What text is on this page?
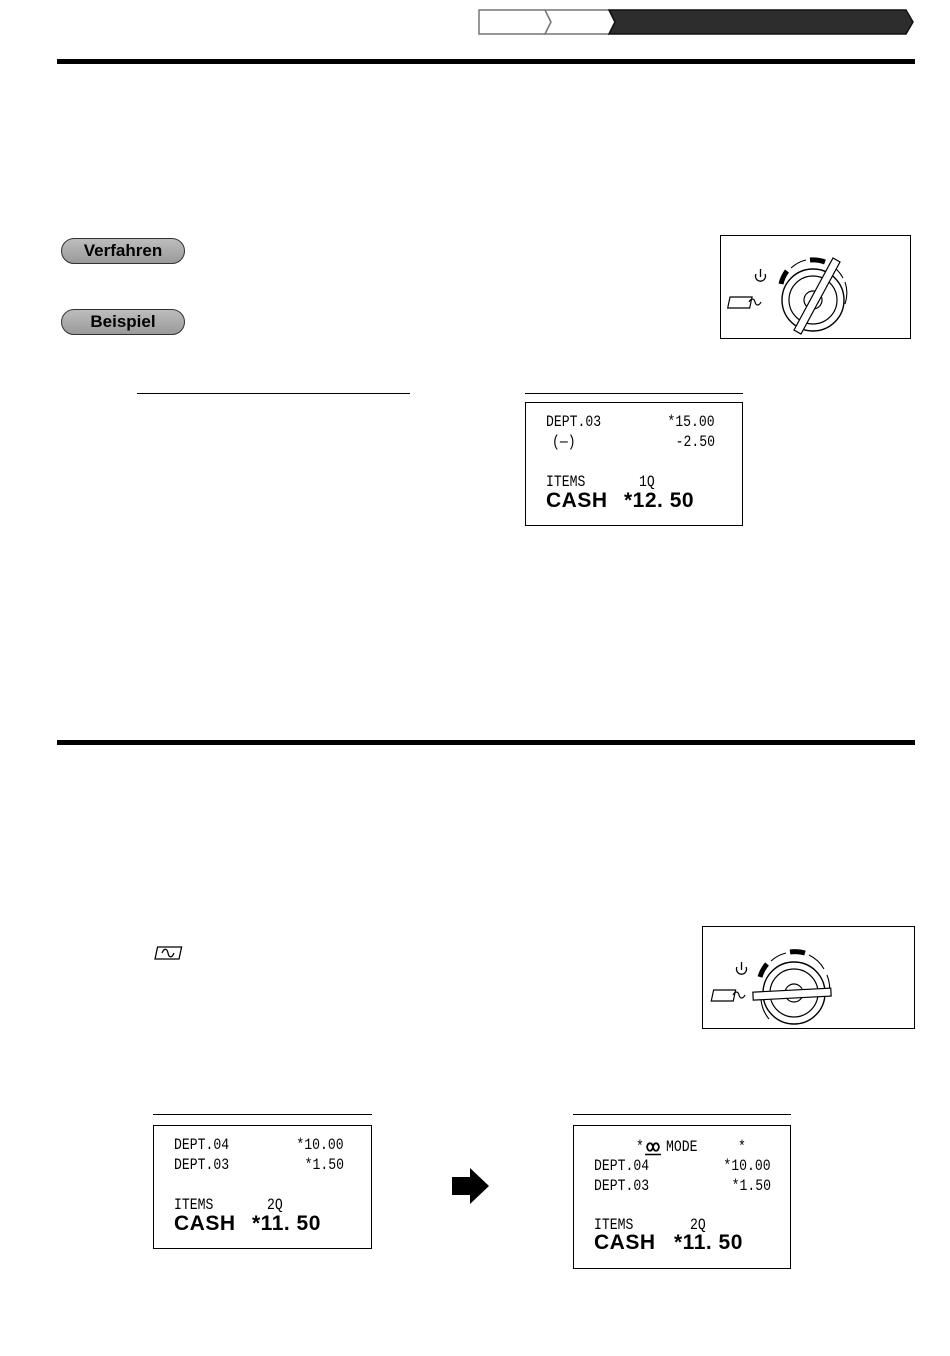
Verfahren
Beispiel
DEPT.03	*15.00
(—)	-2.50
ITEMS	1Q
CASH *12. 50
DEPT.04	*10.00
DEPT.03	*1.50
ITEMS	2Q
CASH *11. 50
* MODE	*
DEPT.04	*10.00
DEPT.03	*1.50
ITEMS	2Q
CASH *11. 50
